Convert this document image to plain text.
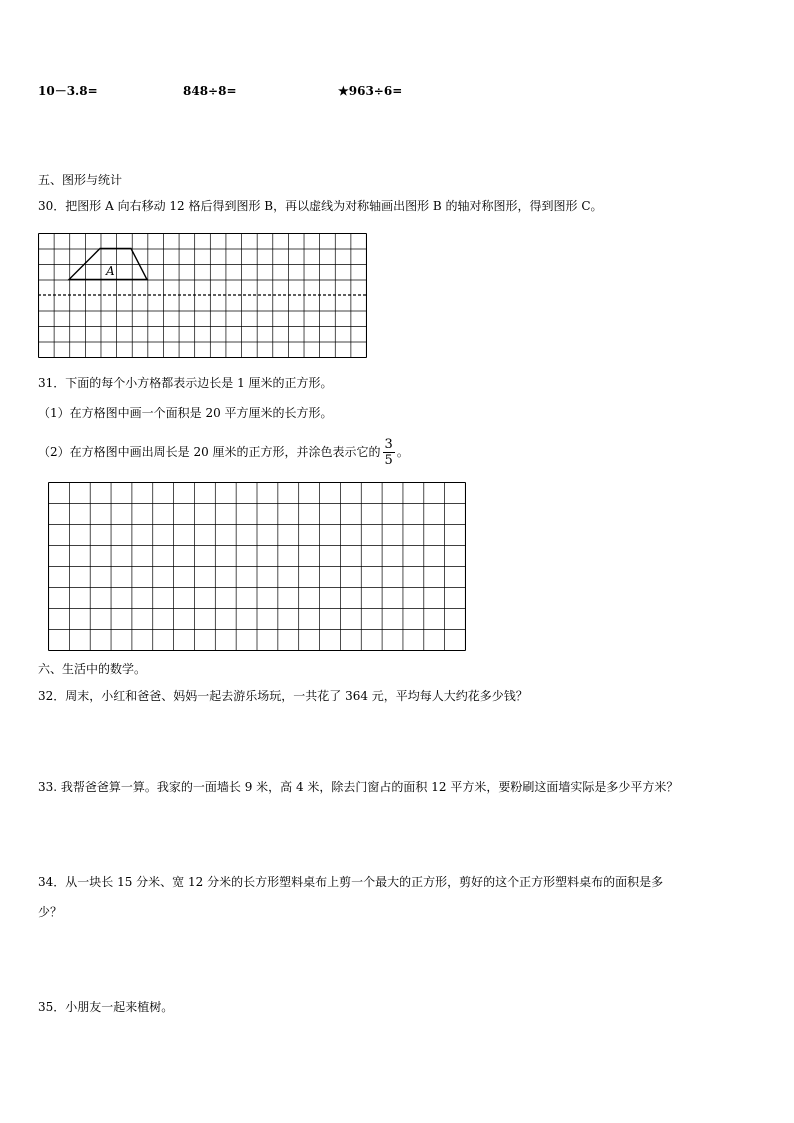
10－3.8=	848÷8=	★963÷6=
五、图形与统计
30．把图形 A 向右移动 12 格后得到图形 B，再以虚线为对称轴画出图形 B 的轴对称图形，得到图形 C。
A
31．下面的每个小方格都表示边长是 1 厘米的正方形。
（1）在方格图中画一个面积是 20 平方厘米的长方形。
（2）在方格图中画出周长是 20 厘米的正方形，并涂色表示它的 $\frac{3}{5}$ 。
六、生活中的数学。
32．周末，小红和爸爸、妈妈一起去游乐场玩，一共花了 364 元，平均每人大约花多少钱？
33. 我帮爸爸算一算。我家的一面墙长 9 米，高 4 米，除去门窗占的面积 12 平方米，要粉刷这面墙实际是多少平方米？
34．从一块长 15 分米、宽 12 分米的长方形塑料桌布上剪一个最大的正方形，剪好的这个正方形塑料桌布的面积是多
少？
35．小朋友一起来植树。
